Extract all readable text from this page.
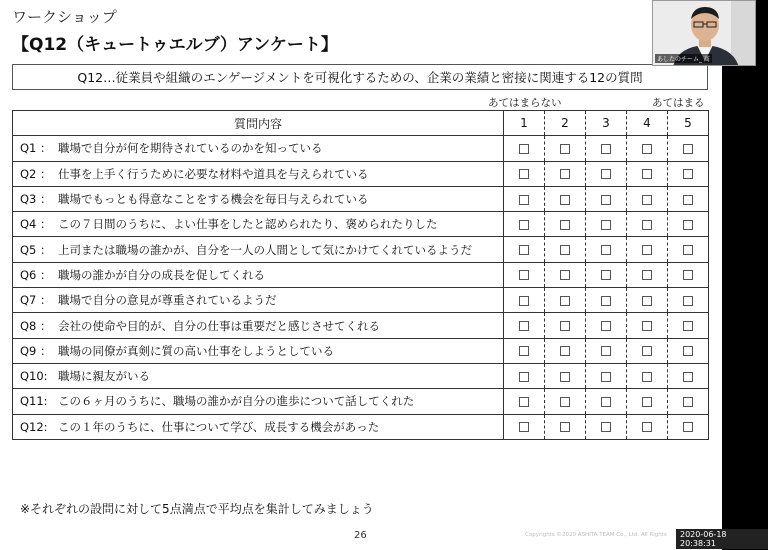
ワークショップ
【Q12（キュートゥエルブ）アンケート】
Q12…従業員や組織のエンゲージメントを可視化するための、企業の業績と密接に関連する12の質問
あてはまらない	あてはまる
質問内容	1	2	3	4	5
Q1 ： 職場で自分が何を期待されているのかを知っている					
Q2 ： 仕事を上手く行うために必要な材料や道具を与えられている					
Q3 ： 職場でもっとも得意なことをする機会を毎日与えられている					
Q4 ： この７日間のうちに、よい仕事をしたと認められたり、褒められたりした					
Q5 ： 上司または職場の誰かが、自分を一人の人間として気にかけてくれているようだ					
Q6 ： 職場の誰かが自分の成長を促してくれる					
Q7 ： 職場で自分の意見が尊重されているようだ					
Q8 ： 会社の使命や目的が、自分の仕事は重要だと感じさせてくれる					
Q9 ： 職場の同僚が真剣に質の高い仕事をしようとしている					
Q10: 職場に親友がいる					
Q11: この６ヶ月のうちに、職場の誰かが自分の進歩について話してくれた					
Q12: この１年のうちに、仕事について学び、成長する機会があった					
※それぞれの設問に対して5点満点で平均点を集計してみましょう
26	Copyrights ©2020 ASHITA TEAM Co., Ltd. All Rights	2020-06-18 20:38:31
あしたのチーム_ 髙
